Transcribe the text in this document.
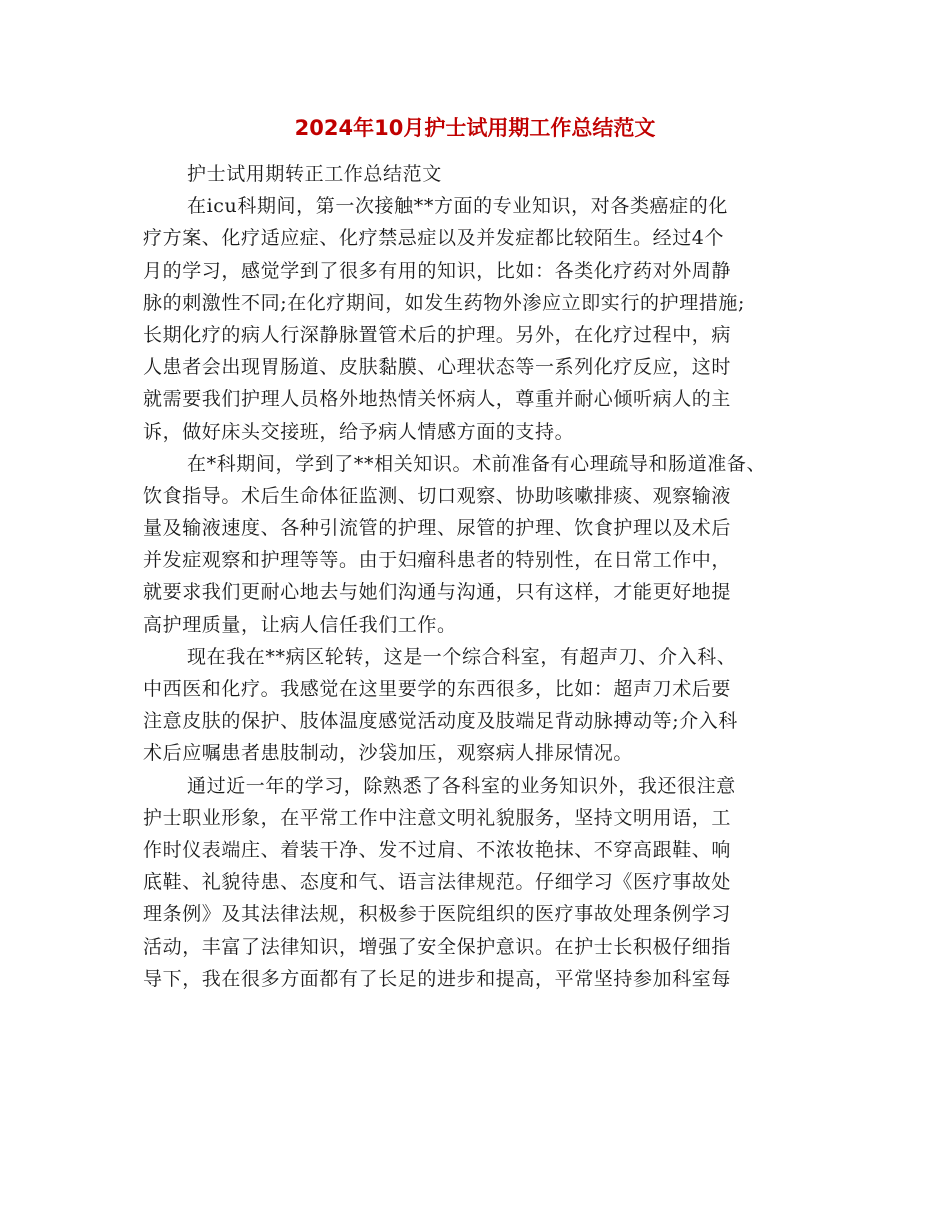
2024年10月护士试用期工作总结范文
护士试用期转正工作总结范文
在icu科期间，第一次接触**方面的专业知识，对各类癌症的化
疗方案、化疗适应症、化疗禁忌症以及并发症都比较陌生。经过4个
月的学习，感觉学到了很多有用的知识，比如：各类化疗药对外周静
脉的刺激性不同;在化疗期间，如发生药物外渗应立即实行的护理措施;
长期化疗的病人行深静脉置管术后的护理。另外，在化疗过程中，病
人患者会出现胃肠道、皮肤黏膜、心理状态等一系列化疗反应，这时
就需要我们护理人员格外地热情关怀病人，尊重并耐心倾听病人的主
诉，做好床头交接班，给予病人情感方面的支持。
在*科期间，学到了**相关知识。术前准备有心理疏导和肠道准备、
饮食指导。术后生命体征监测、切口观察、协助咳嗽排痰、观察输液
量及输液速度、各种引流管的护理、尿管的护理、饮食护理以及术后
并发症观察和护理等等。由于妇瘤科患者的特别性，在日常工作中，
就要求我们更耐心地去与她们沟通与沟通，只有这样，才能更好地提
高护理质量，让病人信任我们工作。
现在我在**病区轮转，这是一个综合科室，有超声刀、介入科、
中西医和化疗。我感觉在这里要学的东西很多，比如：超声刀术后要
注意皮肤的保护、肢体温度感觉活动度及肢端足背动脉搏动等;介入科
术后应嘱患者患肢制动，沙袋加压，观察病人排尿情况。
通过近一年的学习，除熟悉了各科室的业务知识外，我还很注意
护士职业形象，在平常工作中注意文明礼貌服务，坚持文明用语，工
作时仪表端庄、着装干净、发不过肩、不浓妆艳抹、不穿高跟鞋、响
底鞋、礼貌待患、态度和气、语言法律规范。仔细学习《医疗事故处
理条例》及其法律法规，积极参于医院组织的医疗事故处理条例学习
活动，丰富了法律知识，增强了安全保护意识。在护士长积极仔细指
导下，我在很多方面都有了长足的进步和提高，平常坚持参加科室每
